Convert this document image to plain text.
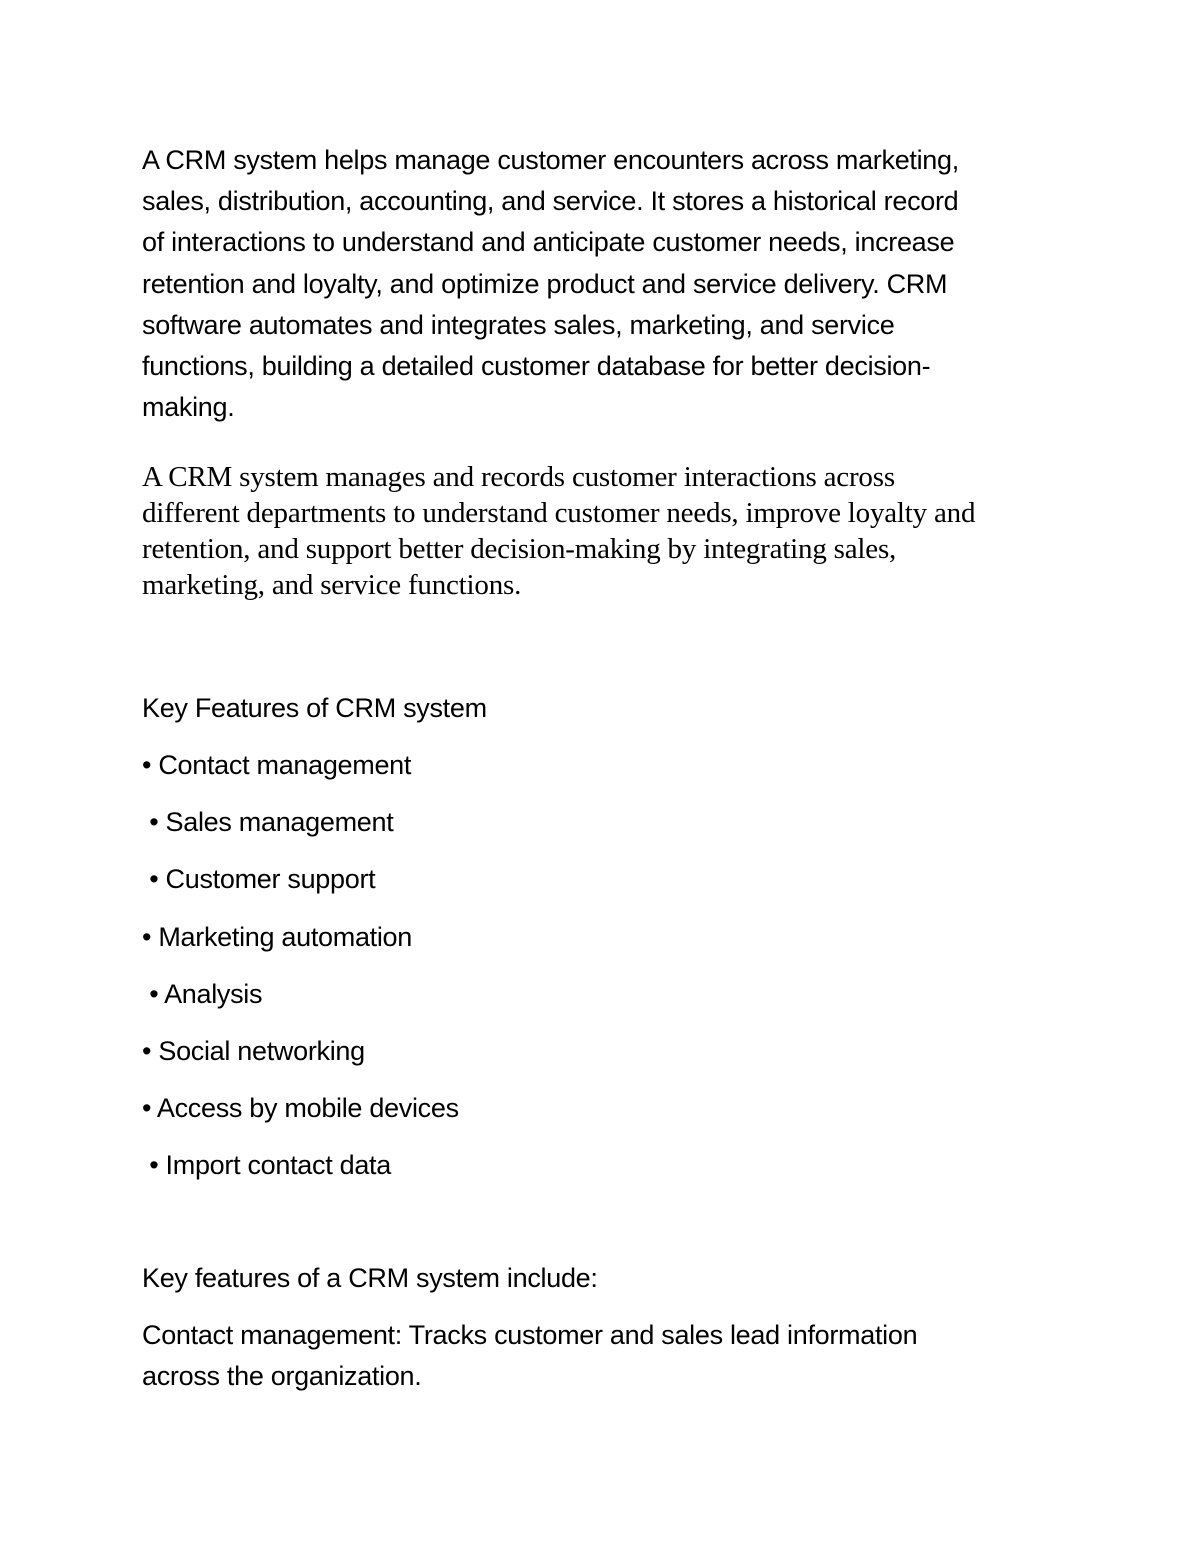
A CRM system helps manage customer encounters across marketing,
sales, distribution, accounting, and service. It stores a historical record
of interactions to understand and anticipate customer needs, increase
retention and loyalty, and optimize product and service delivery. CRM
software automates and integrates sales, marketing, and service
functions, building a detailed customer database for better decision-
making.

A CRM system manages and records customer interactions across
different departments to understand customer needs, improve loyalty and
retention, and support better decision-making by integrating sales,
marketing, and service functions.

Key Features of CRM system

• Contact management
• Sales management
• Customer support
• Marketing automation
• Analysis
• Social networking
• Access by mobile devices
• Import contact data

Key features of a CRM system include:

Contact management: Tracks customer and sales lead information
across the organization.
